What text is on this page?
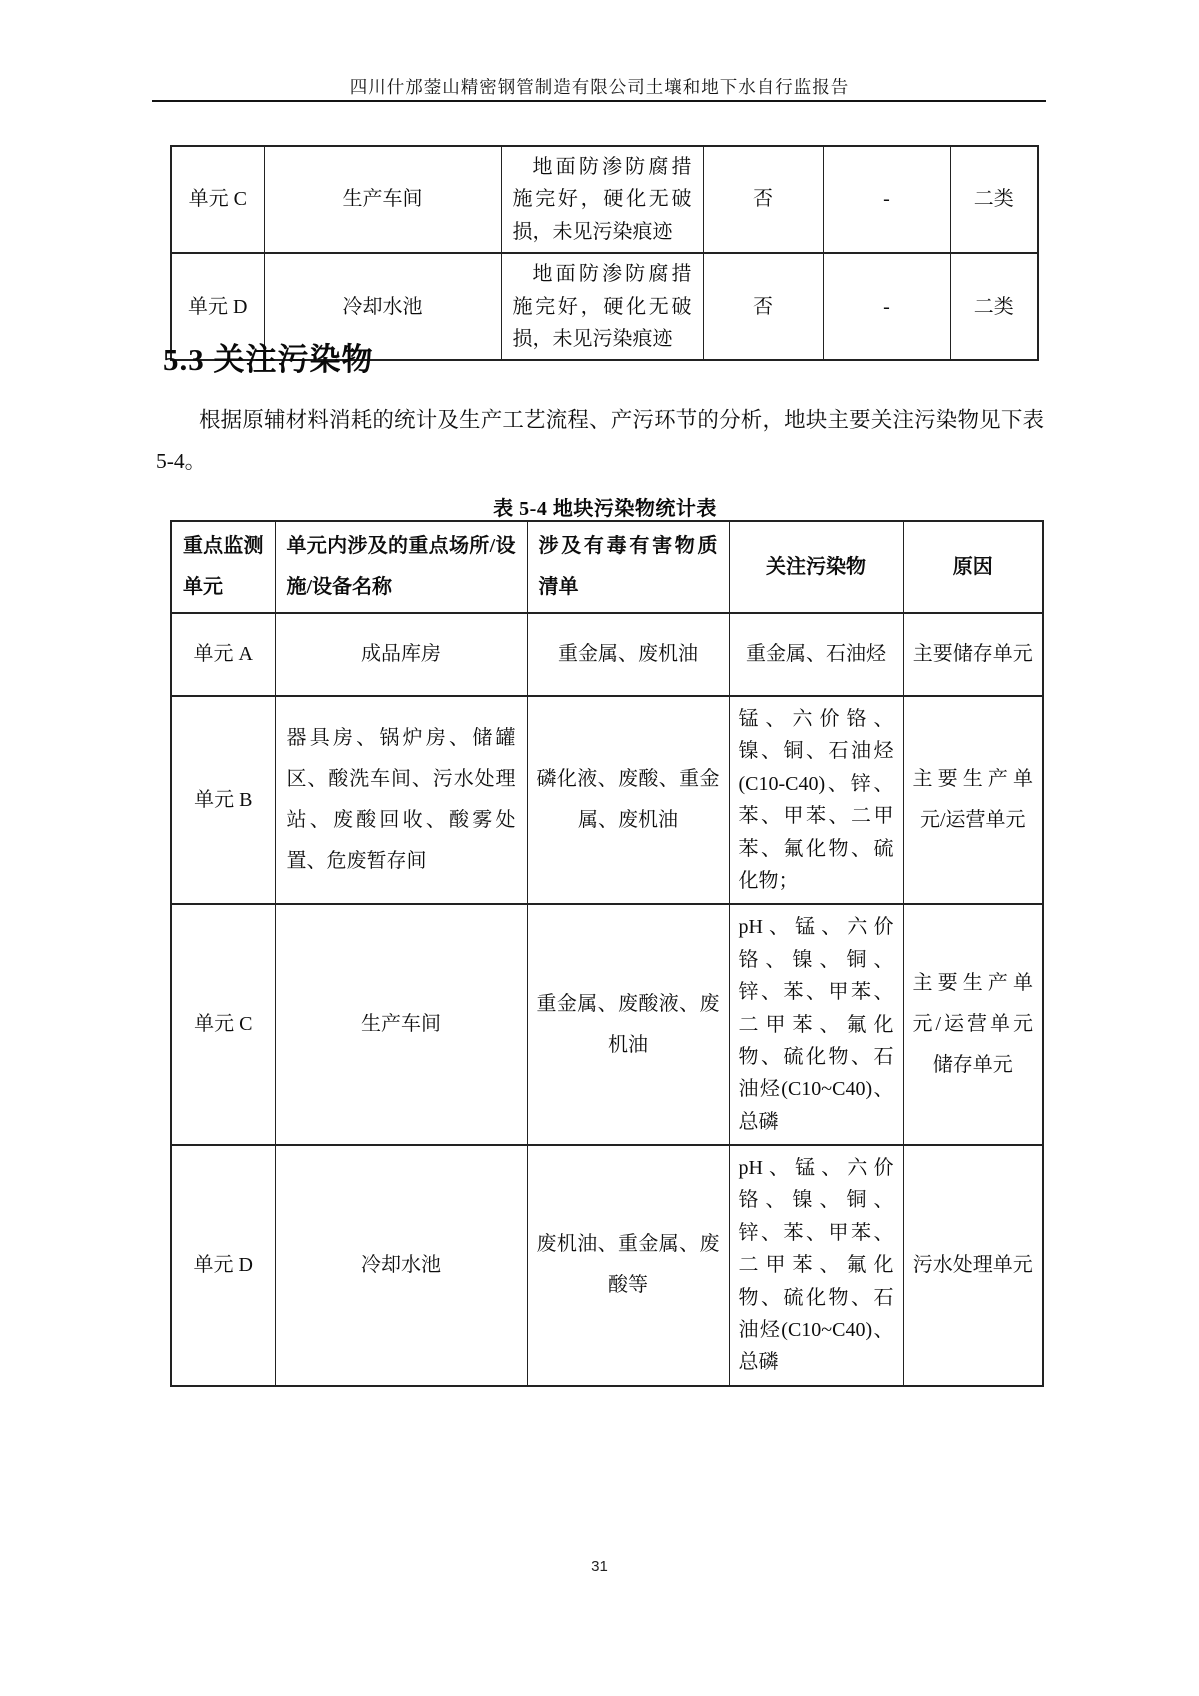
四川什邡蓥山精密钢管制造有限公司土壤和地下水自行监报告
单元 C	生产车间	地面防渗防腐措施完好，硬化无破损，未见污染痕迹	否	-	二类
单元 D	冷却水池	地面防渗防腐措施完好，硬化无破损，未见污染痕迹	否	-	二类
5.3 关注污染物
根据原辅材料消耗的统计及生产工艺流程、产污环节的分析，地块主要关注污染物见下表 5-4。
表 5-4 地块污染物统计表
重点监测单元	单元内涉及的重点场所/设施/设备名称	涉及有毒有害物质清单	关注污染物	原因
单元 A	成品库房	重金属、废机油	重金属、石油烃	主要储存单元
单元 B	器具房、锅炉房、储罐区、酸洗车间、污水处理站、废酸回收、酸雾处置、危废暂存间	磷化液、废酸、重金属、废机油	锰、六价铬、镍、铜、石油烃(C10-C40)、锌、苯、甲苯、二甲苯、氟化物、硫化物；	主要生产单元/运营单元
单元 C	生产车间	重金属、废酸液、废机油	pH、锰、六价铬、镍、铜、锌、苯、甲苯、二甲苯、氟化物、硫化物、石油烃(C10~C40)、总磷	主要生产单元/运营单元 储存单元
单元 D	冷却水池	废机油、重金属、废酸等	pH、锰、六价铬、镍、铜、锌、苯、甲苯、二甲苯、氟化物、硫化物、石油烃(C10~C40)、总磷	污水处理单元
31
